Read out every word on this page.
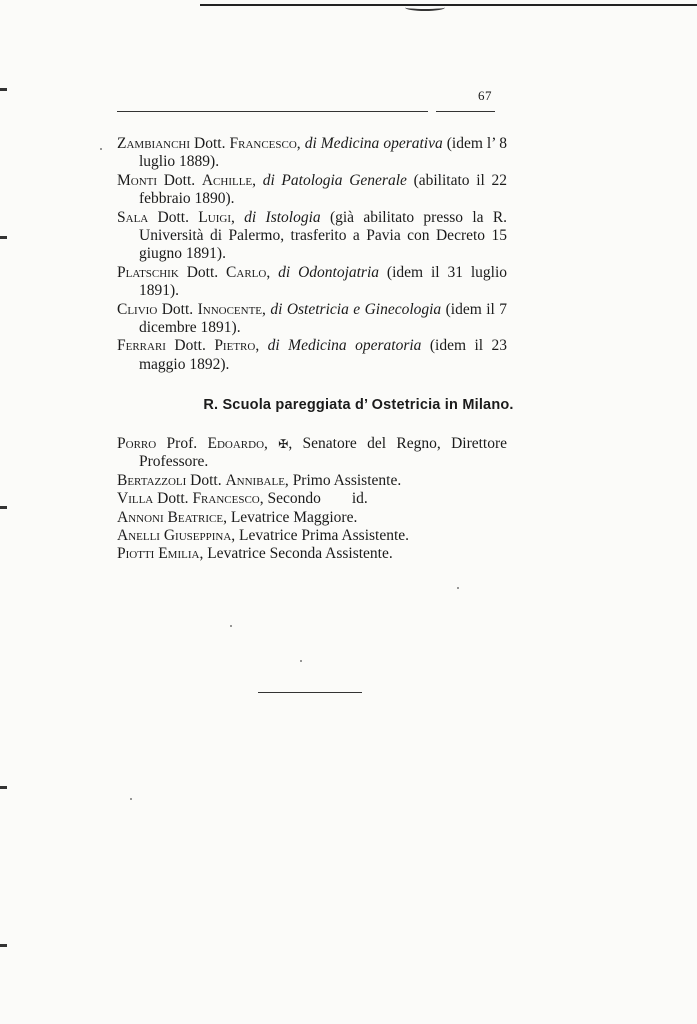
67

Zambianchi Dott. Francesco, di Medicina operativa (idem l’ 8 luglio 1889).

Monti Dott. Achille, di Patologia Generale (abilitato il 22 febbraio 1890).

Sala Dott. Luigi, di Istologia (già abilitato presso la R. Università di Palermo, trasferito a Pavia con Decreto 15 giugno 1891).

Platschik Dott. Carlo, di Odontojatria (idem il 31 luglio 1891).

Clivio Dott. Innocente, di Ostetricia e Ginecologia (idem il 7 dicembre 1891).

Ferrari Dott. Pietro, di Medicina operatoria (idem il 23 maggio 1892).

R. Scuola pareggiata d’ Ostetricia in Milano.

Porro Prof. Edoardo, ✠, Senatore del Regno, Direttore Professore.

Bertazzoli Dott. Annibale, Primo Assistente.

Villa Dott. Francesco, Secondo        id.

Annoni Beatrice, Levatrice Maggiore.

Anelli Giuseppina, Levatrice Prima Assistente.

Piotti Emilia, Levatrice Seconda Assistente.
